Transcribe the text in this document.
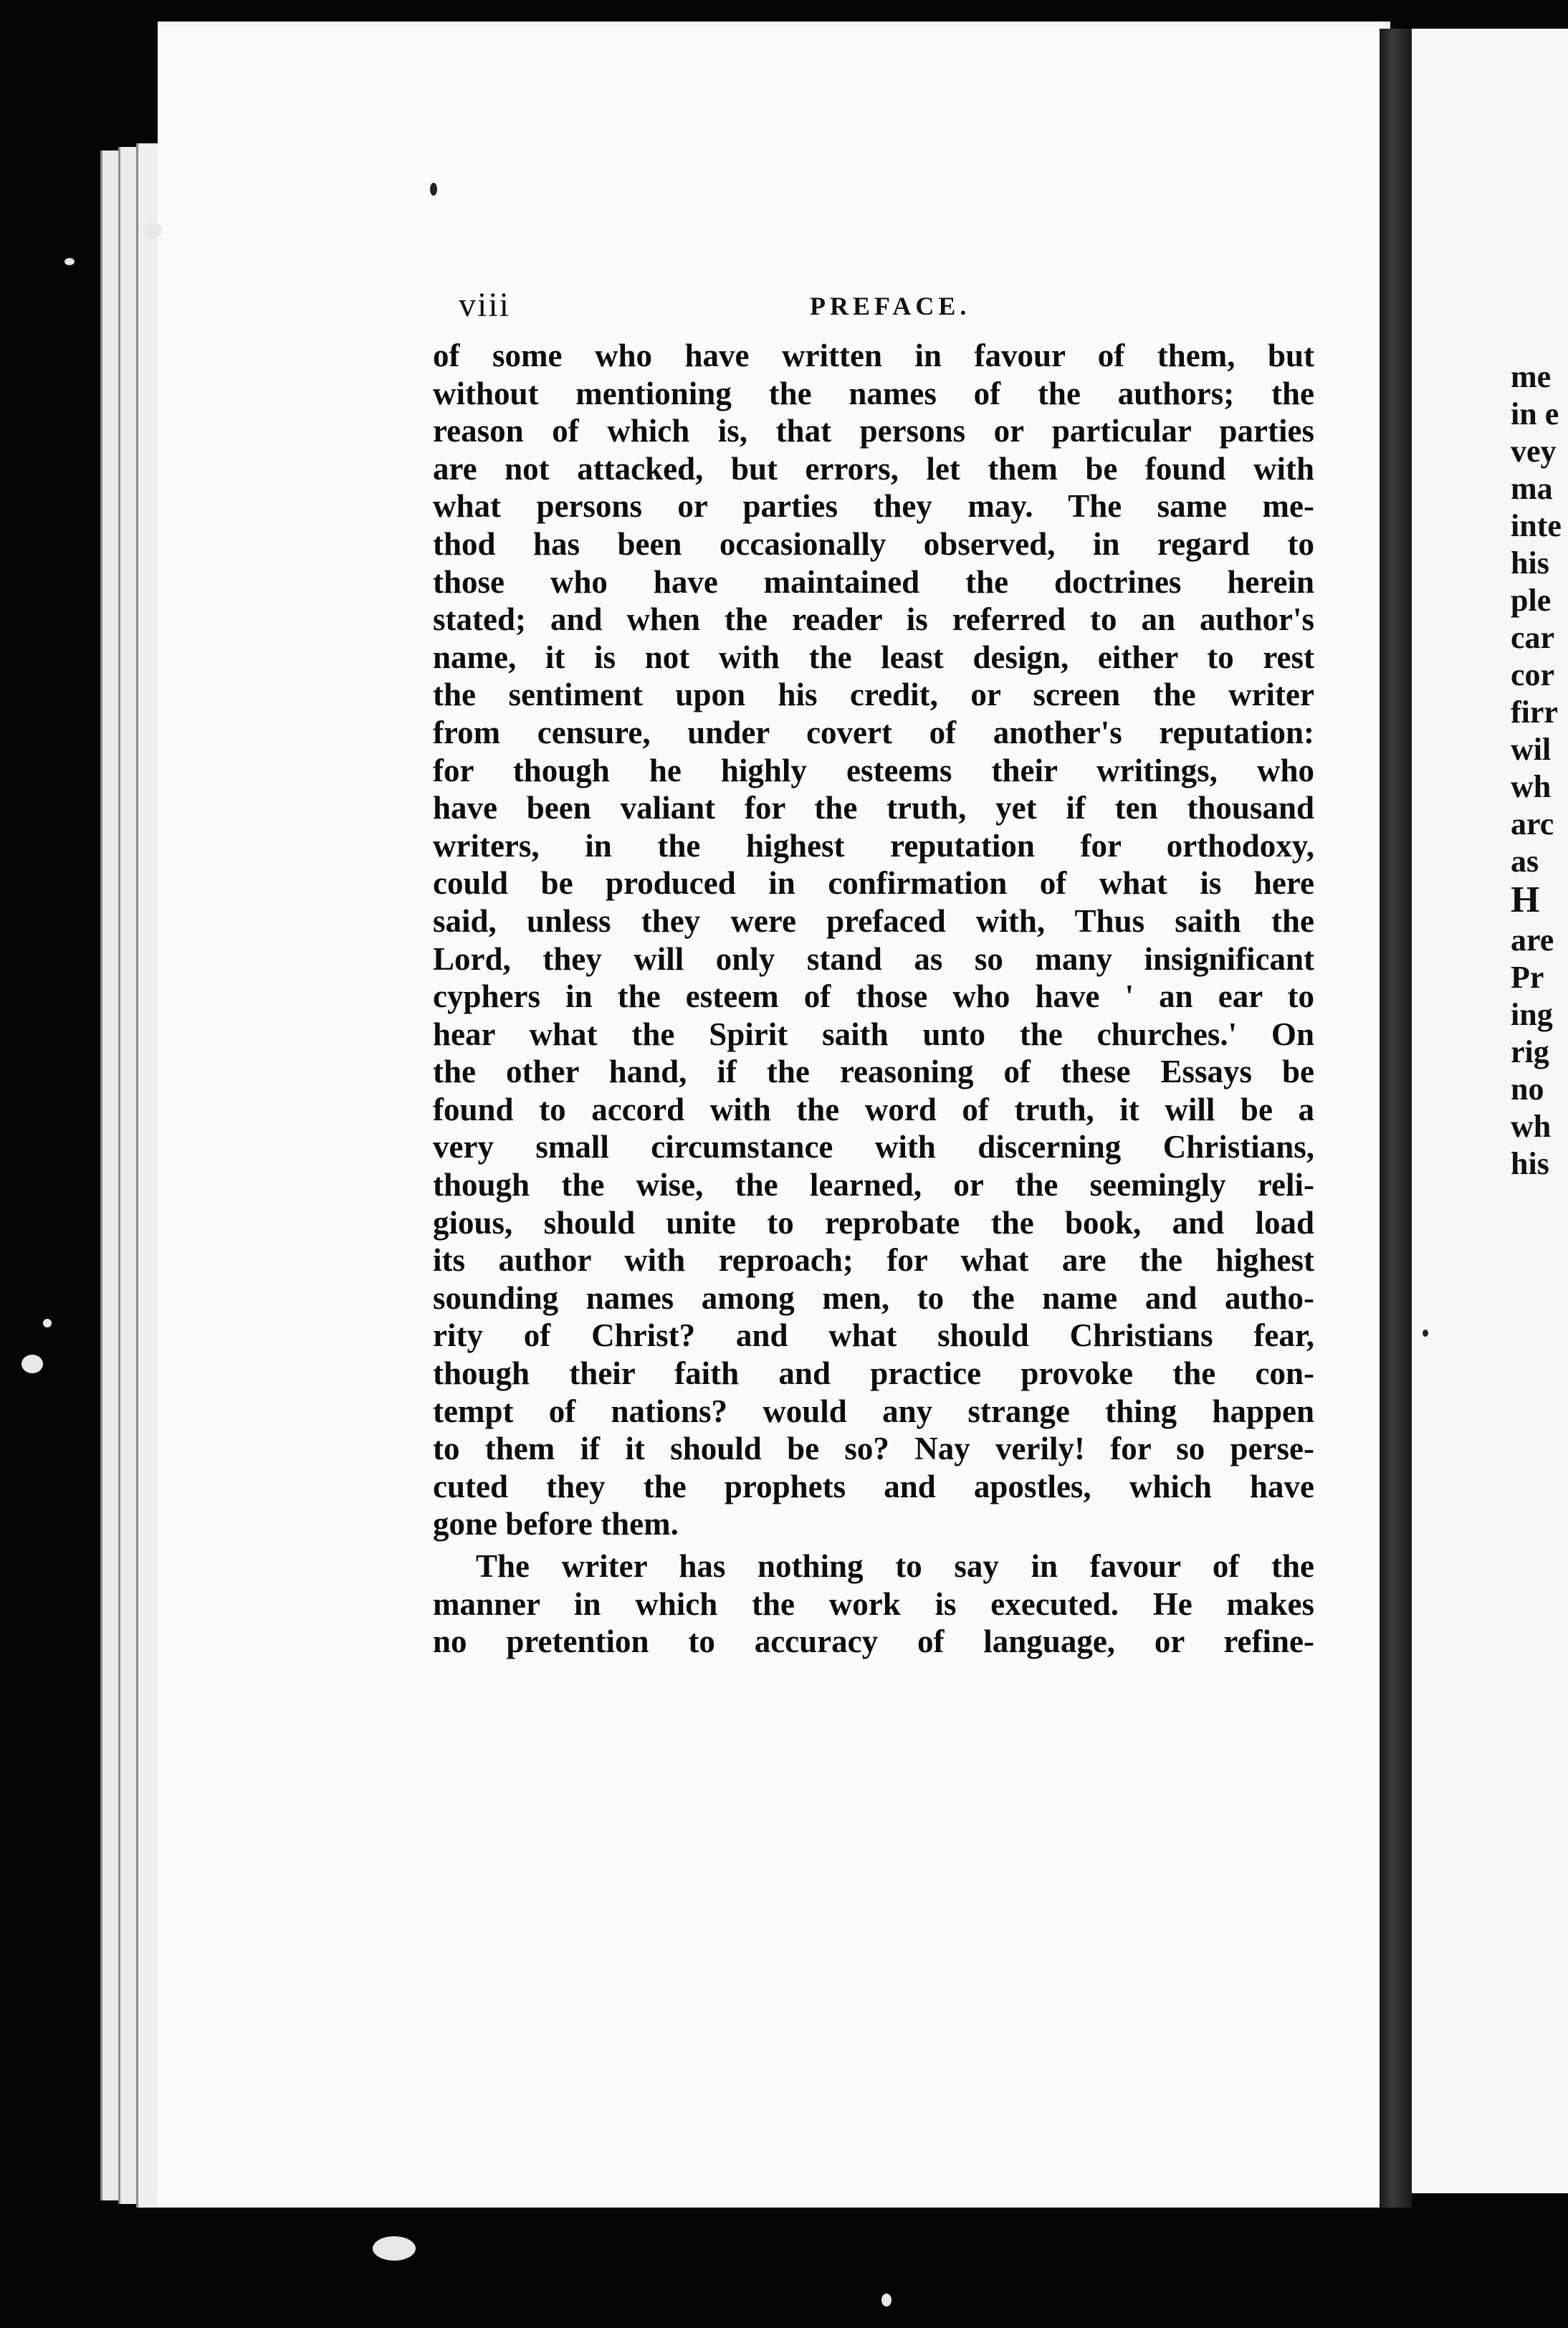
viii	PREFACE.
of some who have written in favour of them, but
without mentioning the names of the authors; the
reason of which is, that persons or particular parties
are not attacked, but errors, let them be found with
what persons or parties they may. The same me-
thod has been occasionally observed, in regard to
those who have maintained the doctrines herein
stated; and when the reader is referred to an author's
name, it is not with the least design, either to rest
the sentiment upon his credit, or screen the writer
from censure, under covert of another's reputation:
for though he highly esteems their writings, who
have been valiant for the truth, yet if ten thousand
writers, in the highest reputation for orthodoxy,
could be produced in confirmation of what is here
said, unless they were prefaced with, Thus saith the
Lord, they will only stand as so many insignificant
cyphers in the esteem of those who have ' an ear to
hear what the Spirit saith unto the churches.' On
the other hand, if the reasoning of these Essays be
found to accord with the word of truth, it will be a
very small circumstance with discerning Christians,
though the wise, the learned, or the seemingly reli-
gious, should unite to reprobate the book, and load
its author with reproach; for what are the highest
sounding names among men, to the name and autho-
rity of Christ? and what should Christians fear,
though their faith and practice provoke the con-
tempt of nations? would any strange thing happen
to them if it should be so? Nay verily! for so perse-
cuted they the prophets and apostles, which have
gone before them.
The writer has nothing to say in favour of the
manner in which the work is executed. He makes
no pretention to accuracy of language, or refine-
me
in e
vey
ma
inte
his
ple
car
cor
firr
wil
wh
arc
as
H
are
Pr
ing
rig
no
wh
his
